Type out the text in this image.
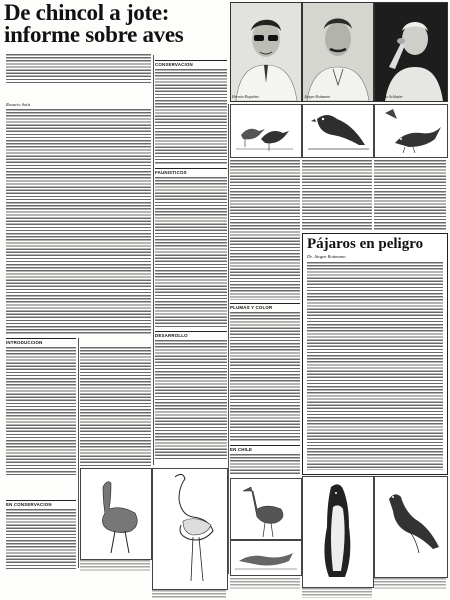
De chincol a jote:
informe sobre aves
Rosario Sotit
INTRODUCCION
EN CONSERVACION
CONSERVACION
FAUNISTICOS
DESARROLLO
Hernán Riquelme	Jürgen Rottmann	Roberto Schlatter
PLUMAS Y COLOR
EN CHILE
Pájaros en peligro
Dr. Jürgen Rottmann
